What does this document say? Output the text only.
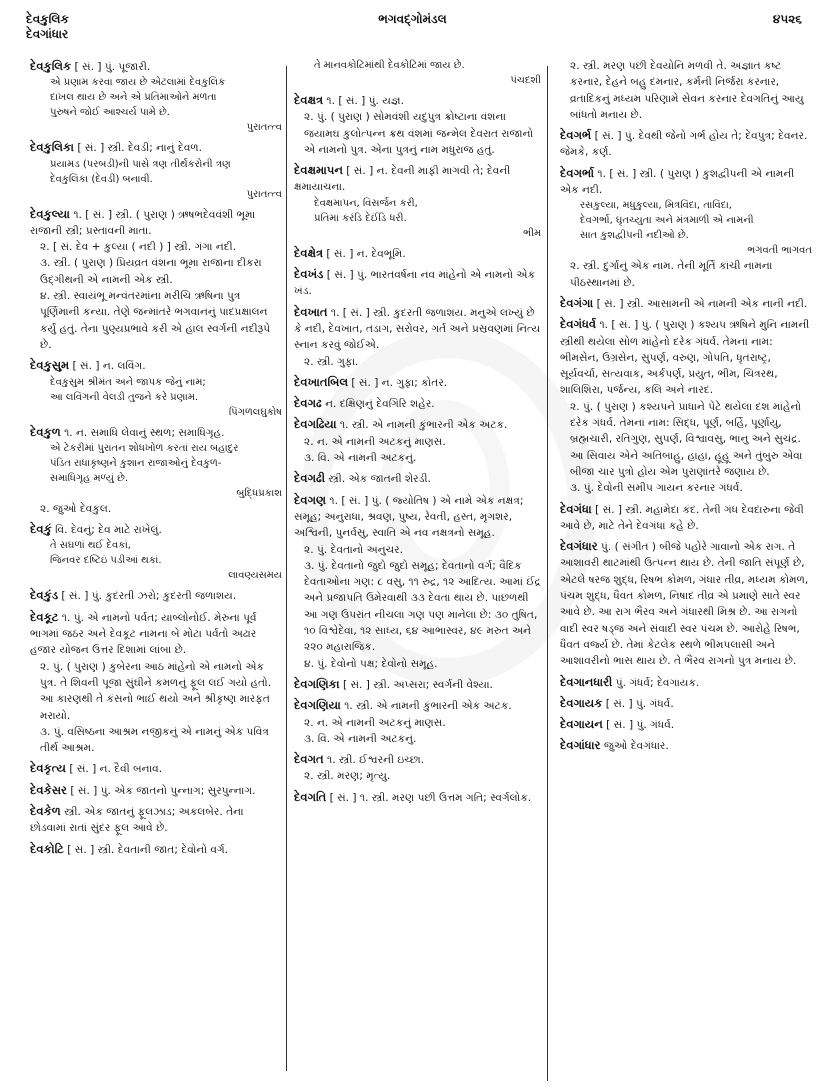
દેવકુલિક
દેવગાંધાર
ભગવદ્ગોમંડલ	૪૫૨૬
દેવકુલિક [ સં. ] પું. પૂજારી.
એ પ્રણામ કરવા જાય છે એટલામાં દેવકુલિક
દાખલ થાય છે અને એ પ્રતિમાઓને મળતા
પુરુષને જોઈ આશ્ચર્ય પામે છે.
પુરાતત્ત્વ
દેવકુલિકા [ સં. ] સ્ત્રી. દેવડી; નાનું દેવળ.
પ્રયામડ (પરબડી)ની પાસે ત્રણ તીર્થંકરોની ત્રણ
દેવકુલિકા (દેવડી) બનાવી.
પુરાતત્ત્વ
દેવકુલ્યા ૧. [ સં. ] સ્ત્રી. ( પુરાણ ) ઋષભદેવવંશી ભૂમા રાજાની સ્ત્રી; પ્રસ્તાવની માતા.
૨. [ સં. દેવ + કુલ્યા ( નદી ) ] સ્ત્રી. ગંગા નદી.
૩. સ્ત્રી. ( પુરાણ ) પ્રિયવ્રત વંશના ભૂમા રાજાના દીકરા ઉદ્ગીથની એ નામની એક સ્ત્રી.
૪. સ્ત્રી. સ્વાયંભૂ મન્વંતરમાંના મરીચિ ઋષિના પુત્ર પૂર્ણિમાની કન્યા. તેણે જન્માંતરે ભગવાનનું પાદપ્રક્ષાલન કર્યું હતું. તેના પુણ્યપ્રભાવે કરી એ હાલ સ્વર્ગની નદીરૂપે છે.
દેવકુસુમ [ સં. ] ન. લવિંગ.
દેવકુસુમ શ્રીમંત અને જાપક જેનું નામ;
આ લવિંગની વેલડી તુજને કરે પ્રણામ.
પિંગળલઘુકોષ
દેવકુળ ૧. ન. સમાધિ લેવાનું સ્થળ; સમાધિગૃહ.
એ ટેકરીમાં પુરાતન શોધખોળ કરતાં રાય બહાદુર
પંડિત રાધાકૃષ્ણને કુશાન રાજાઓનું દેવકુળ-
સમાધિગૃહ મળ્યું છે.
બુદ્ધિપ્રકાશ
૨. જુઓ દેવકુલ.
દેવકું વિ. દેવનું; દેવ માટે રાખેલું.
તે સઘળાં થઈ દેવકાં,
જિનવર દષ્ટિઇં પડીઆં થકાં.
લાવણ્યસમય
દેવકુંડ [ સં. ] પું. કુદરતી ઝરો; કુદરતી જળાશય.
દેવકૂટ ૧. પું. એ નામનો પર્વત; યાબ્લોનોઈ. મેરુના પૂર્વ ભાગમાં જઠર અને દેવકૂટ નામના બે મોટા પર્વતો અઢાર હજાર યોજન ઉત્તર દિશામાં લાંબા છે.
૨. પું. ( પુરાણ ) કુબેરના આઠ માંહેનો એ નામનો એક પુત્ર. તે શિવની પૂજા સુંઘીને કમળનું ફૂલ લઈ ગયો હતો. આ કારણથી તે કંસનો ભાઈ થયો અને શ્રીકૃષ્ણ મારફત મરાયો.
૩. પું. વસિષ્ઠના આશ્રમ નજીકનું એ નામનું એક પવિત્ર તીર્થ આશ્રમ.
દેવકૃત્ય [ સં. ] ન. દૈવી બનાવ.
દેવકેસર [ સં. ] પું. એક જાતનો પુન્નાગ; સુરપુન્નાગ.
દેવકેળ સ્ત્રી. એક જાતનું ફૂલઝાડ; અકલબેર. તેના છોડવામાં રાતાં સુંદર ફૂલ આવે છે.
દેવકોટિ [ સં. ] સ્ત્રી. દેવતાની જાત; દેવોનો વર્ગ.
તે માનવકોટિમાંથી દેવકોટિમાં જાય છે.
પંચદશી
દેવક્ષત્ર ૧. [ સં. ] પું. યજ્ઞ.
૨. પું. ( પુરાણ ) સોમવંશી યદુપુત્ર ક્રોષ્ટાના વંશના જયામઘ કુલોત્પન્ન ક્રથ વંશમાં જન્મેલ દેવરાત રાજાનો એ નામનો પુત્ર. એના પુત્રનું નામ મધુરાજ હતું.
દેવક્ષમાપન [ સં. ] ન. દેવની માફી માગવી તે; દેવની ક્ષમાયાચના.
દેવક્ષમાપન, વિસર્જન કરી,
પ્રતિમા કરંડિ દેઈંડિ ધરી.
ભીમ
દેવક્ષેત્ર [ સં. ] ન. દેવભૂમિ.
દેવખંડ [ સં. ] પું. ભારતવર્ષના નવ માંહેનો એ નામનો એક ખંડ.
દેવખાત ૧. [ સં. ] સ્ત્રી. કુદરતી જળાશય. મનુએ લખ્યું છે કે નદી, દેવખાત, તડાગ, સરોવર, ગર્ત અને પ્રસ્રવણમાં નિત્ય સ્નાન કરવું જોઈએ.
૨. સ્ત્રી. ગુફા.
દેવખાતબિલ [ સં. ] ન. ગુફા; કોતર.
દેવગઢ ન. દક્ષિણનું દેવગિરિ શહેર.
દેવગઢિયા ૧. સ્ત્રી. એ નામની કુંભારની એક અટક.
૨. ન. એ નામની અટકનું માણસ.
૩. વિ. એ નામની અટકનું.
દેવગઢી સ્ત્રી. એક જાતની શેરડી.
દેવગણ ૧. [ સં. ] પું. ( જ્યોતિષ ) એ નામે એક નક્ષત્ર; સમૂહ; અનુરાધા, શ્રવણ, પુષ્ય, રેવતી, હસ્ત, મૃગશર, અશ્વિની, પુનર્વસુ, સ્વાતિ એ નવ નક્ષત્રનો સમૂહ.
૨. પું. દેવતાનો અનુચર.
૩. પું. દેવતાનો જુદો જુદો સમૂહ; દેવતાનો વર્ગ; વૈદિક દેવતાઓના ગણ: ૮ વસુ, ૧૧ રુદ્ર, ૧૨ આદિત્ય. આમાં ઈંદ્ર અને પ્રજાપતિ ઉમેરવાથી ૩૩ દેવતા થાય છે. પાછળથી આ ગણ ઉપરાંત નીચલા ગણ પણ માનેલા છે: ૩૦ તુષિત, ૧૦ વિશ્વેદેવા, ૧૨ સાધ્ય, ૬૪ આભાસ્વર, ૪૯ મરુત અને ૨૨૦ મહારાજિક.
૪. પું. દેવોનો પક્ષ; દેવોનો સમૂહ.
દેવગણિકા [ સં. ] સ્ત્રી. અપ્સરા; સ્વર્ગની વેશ્યા.
દેવગણિયા ૧. સ્ત્રી. એ નામની કુંભારની એક અટક.
૨. ન. એ નામની અટકનું માણસ.
૩. વિ. એ નામની અટકનું.
દેવગત ૧. સ્ત્રી. ઈશ્વરની ઇચ્છા.
૨. સ્ત્રી. મરણ; મૃત્યુ.
દેવગતિ [ સં. ] ૧. સ્ત્રી. મરણ પછી ઉત્તમ ગતિ; સ્વર્ગલોક.
૨. સ્ત્રી. મરણ પછી દેવયોનિ મળવી તે. અજ્ઞાત કષ્ટ કરનાર, દેહને બહુ દમનાર, કર્મની નિર્જરા કરનાર, વ્રતાદિકનું મધ્યમ પરિણામે સેવન કરનાર દેવગતિનું આયુ બાંધતો મનાય છે.
દેવગર્ભ [ સં. ] પું. દેવથી જેનો ગર્ભ હોય તે; દેવપુત્ર; દેવનર. જેમકે, કર્ણ.
દેવગર્ભા ૧. [ સં. ] સ્ત્રી. ( પુરાણ ) કુશદ્વીપની એ નામની એક નદી.
રસકુલ્યા, મધુકુલ્યા, મિત્રવિંદા, તાવિંદા,
દેવગર્ભા, ઘૃતચ્યુતા અને મંત્રમાળી એ નામની
સાત કુશદ્વીપની નદીઓ છે.
ભગવતી ભાગવત
૨. સ્ત્રી. દુર્ગાનું એક નામ. તેની મૂર્તિ કાંચી નામના પીઠસ્થાનમાં છે.
દેવગંગા [ સં. ] સ્ત્રી. આસામની એ નામની એક નાની નદી.
દેવગંધર્વ ૧. [ સં. ] પું. ( પુરાણ ) કશ્યપ ઋષિને મુનિ નામની સ્ત્રીથી થયેલા સોળ માંહેનો દરેક ગંધર્વ. તેમનાં નામ: ભીમસેન, ઉગ્રસેન, સુપર્ણ, વરુણ, ગોપતિ, ધૃતરાષ્ટ્ર, સૂર્યવર્ચા, સત્યવાક, અર્કપર્ણ, પ્રયુત, ભીમ, ચિત્રરથ, શાલિશિરા, પર્જન્ય, કલિ અને નારદ.
૨. પું. ( પુરાણ ) કશ્યપને પ્રાધાને પેટે થયેલા દશ માંહેનો દરેક ગંધર્વ. તેમનાં નામ: સિદ્ધ, પૂર્ણ, બર્હિ, પૂર્ણાયુ, બ્રહ્મચારી, રતિગુણ, સુપર્ણ, વિશ્વાવસુ, ભાનુ અને સુચંદ્ર. આ સિવાય એને અતિબાહુ, હાહા, હૂહૂ અને તુંબુરુ એવા બીજા ચાર પુત્રો હોય એમ પુરાણાંતરે જણાય છે.
૩. પું. દેવોની સમીપ ગાયન કરનાર ગંધર્વ.
દેવગંધા [ સં. ] સ્ત્રી. મહામેદા કંદ. તેની ગંધ દેવદારુના જેવી આવે છે, માટે તેને દેવગંધા કહે છે.
દેવગંધાર પું. ( સંગીત ) બીજે પહોરે ગાવાનો એક રાગ. તે આશાવરી થાટમાંથી ઉત્પન્ન થાય છે. તેની જાતિ સંપૂર્ણ છે, એટલે ષરજ શુદ્ધ, રિષભ કોમળ, ગંધાર તીવ્ર, મધ્યમ કોમળ, પંચમ શુદ્ધ, ધૈવત કોમળ, નિષાદ તીવ્ર એ પ્રમાણે સાતે સ્વર આવે છે. આ રાગ ભૈરવ અને ગંધારથી મિશ્ર છે. આ રાગનો વાદી સ્વર ષડ્જ અને સંવાદી સ્વર પંચમ છે. આરોહે રિષભ, ધૈવત વર્જ્ય છે. તેમાં કેટલેક સ્થળે ભીમપલાસી અને આશાવરીનો ભાસ થાય છે. તે ભૈરવ રાગનો પુત્ર મનાય છે.
દેવગાનધારી પું. ગંધર્વ; દેવગાયક.
દેવગાયક [ સં. ] પું. ગંધર્વ.
દેવગાયન [ સં. ] પું. ગંધર્વ.
દેવગાંધાર જુઓ દેવગંધાર.
